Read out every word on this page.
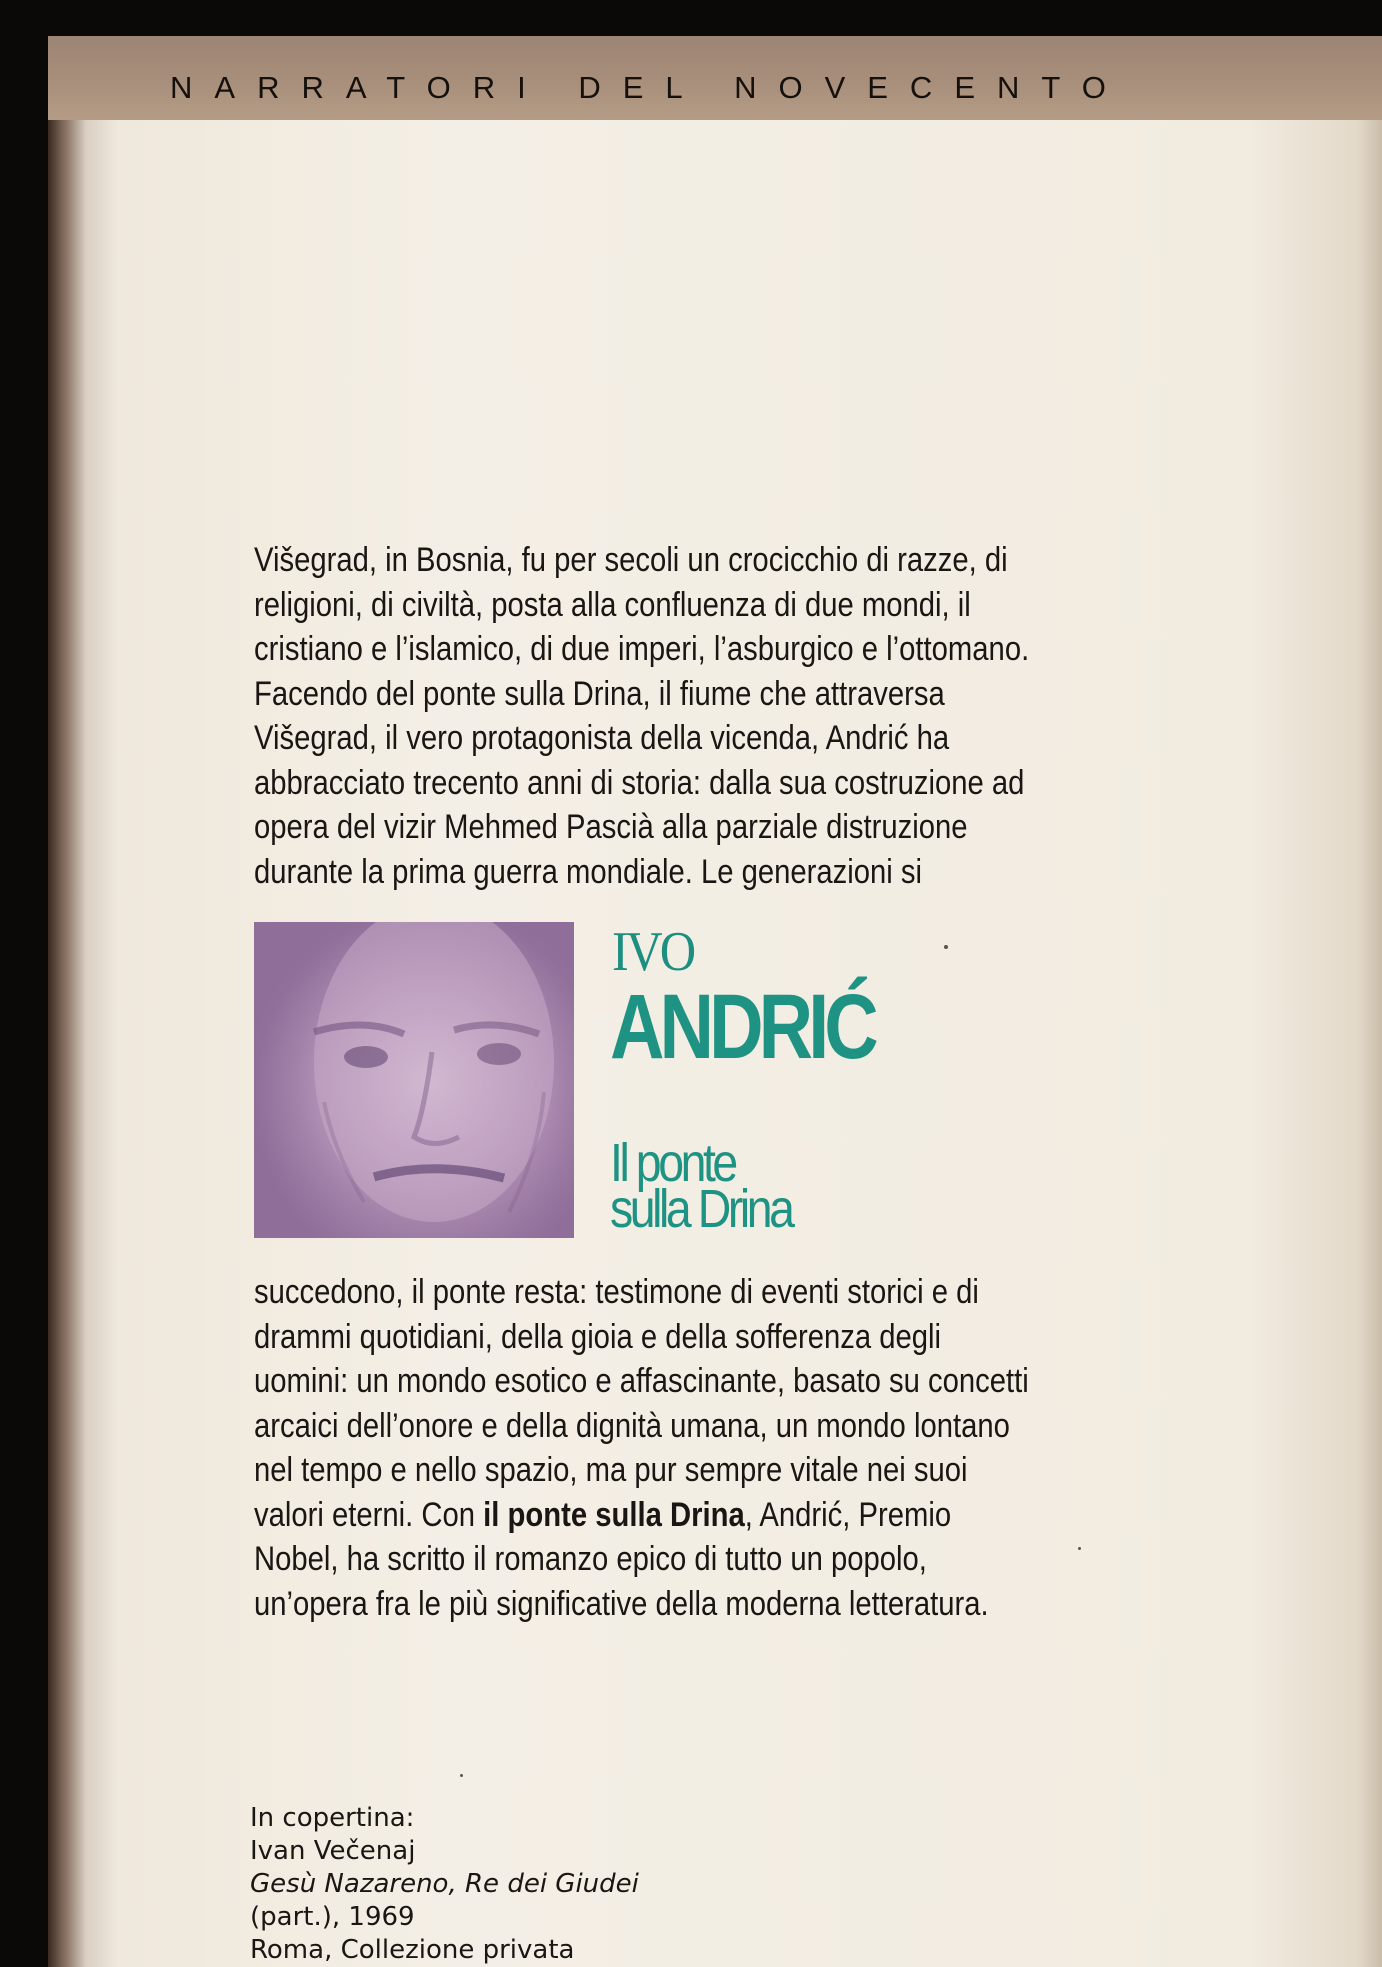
NARRATORI DEL NOVECENTO
Višegrad, in Bosnia, fu per secoli un crocicchio di razze, di
religioni, di civiltà, posta alla confluenza di due mondi, il
cristiano e l’islamico, di due imperi, l’asburgico e l’ottomano.
Facendo del ponte sulla Drina, il fiume che attraversa
Višegrad, il vero protagonista della vicenda, Andrić ha
abbracciato trecento anni di storia: dalla sua costruzione ad
opera del vizir Mehmed Pascià alla parziale distruzione
durante la prima guerra mondiale. Le generazioni si
IVO
ANDRIĆ
Il ponte
sulla Drina
succedono, il ponte resta: testimone di eventi storici e di
drammi quotidiani, della gioia e della sofferenza degli
uomini: un mondo esotico e affascinante, basato su concetti
arcaici dell’onore e della dignità umana, un mondo lontano
nel tempo e nello spazio, ma pur sempre vitale nei suoi
valori eterni. Con il ponte sulla Drina, Andrić, Premio
Nobel, ha scritto il romanzo epico di tutto un popolo,
un’opera fra le più significative della moderna letteratura.
In copertina:
Ivan Večenaj
Gesù Nazareno, Re dei Giudei
(part.), 1969
Roma, Collezione privata
